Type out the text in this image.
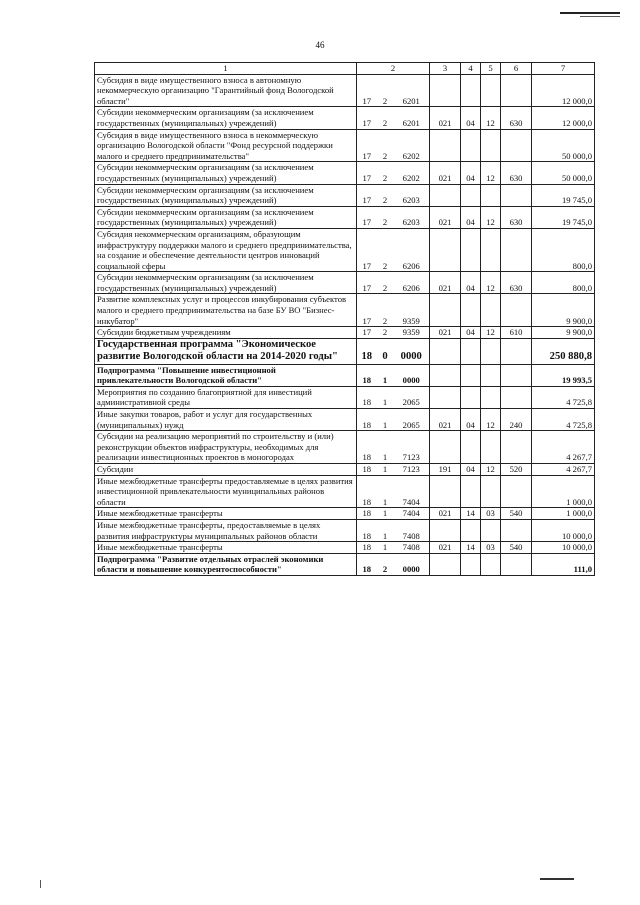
46
1	2			3	4	5	6	7
Субсидия в виде имущественного взноса в автономную некоммерческую организацию "Гарантийный фонд Вологодской области"	17	2	6201					12 000,0
Субсидии некоммерческим организациям (за исключением государственных (муниципальных) учреждений)	17	2	6201	021	04	12	630	12 000,0
Субсидия в виде имущественного взноса в некоммерческую организацию Вологодской области "Фонд ресурсной поддержки малого и среднего предпринимательства"	17	2	6202					50 000,0
Субсидии некоммерческим организациям (за исключением государственных (муниципальных) учреждений)	17	2	6202	021	04	12	630	50 000,0
Субсидии некоммерческим организациям (за исключением государственных (муниципальных) учреждений)	17	2	6203					19 745,0
Субсидии некоммерческим организациям (за исключением государственных (муниципальных) учреждений)	17	2	6203	021	04	12	630	19 745,0
Субсидия некоммерческим организациям, образующим инфраструктуру поддержки малого и среднего предпринимательства, на создание и обеспечение деятельности центров инноваций социальной сферы	17	2	6206					800,0
Субсидии некоммерческим организациям (за исключением государственных (муниципальных) учреждений)	17	2	6206	021	04	12	630	800,0
Развитие комплексных услуг и процессов инкубирования субъектов малого и среднего предпринимательства на базе БУ ВО "Бизнес-инкубатор"	17	2	9359					9 900,0
Субсидии бюджетным учреждениям	17	2	9359	021	04	12	610	9 900,0
Государственная программа "Экономическое развитие Вологодской области на 2014-2020 годы"	18	0	0000					250 880,8
Подпрограмма "Повышение инвестиционной привлекательности Вологодской области"	18	1	0000					19 993,5
Мероприятия по созданию благоприятной для инвестиций административной среды	18	1	2065					4 725,8
Иные закупки товаров, работ и услуг для государственных (муниципальных) нужд	18	1	2065	021	04	12	240	4 725,8
Субсидии на реализацию мероприятий по строительству и (или) реконструкции объектов инфраструктуры, необходимых для реализации инвестиционных проектов в моногородах	18	1	7123					4 267,7
Субсидии	18	1	7123	191	04	12	520	4 267,7
Иные межбюджетные трансферты предоставляемые в целях развития инвестиционной привлекательности муниципальных районов области	18	1	7404					1 000,0
Иные межбюджетные трансферты	18	1	7404	021	14	03	540	1 000,0
Иные межбюджетные трансферты, предоставляемые в целях развития инфраструктуры муниципальных районов области	18	1	7408					10 000,0
Иные межбюджетные трансферты	18	1	7408	021	14	03	540	10 000,0
Подпрограмма "Развитие отдельных отраслей экономики области и повышение конкурентоспособности"	18	2	0000					111,0
